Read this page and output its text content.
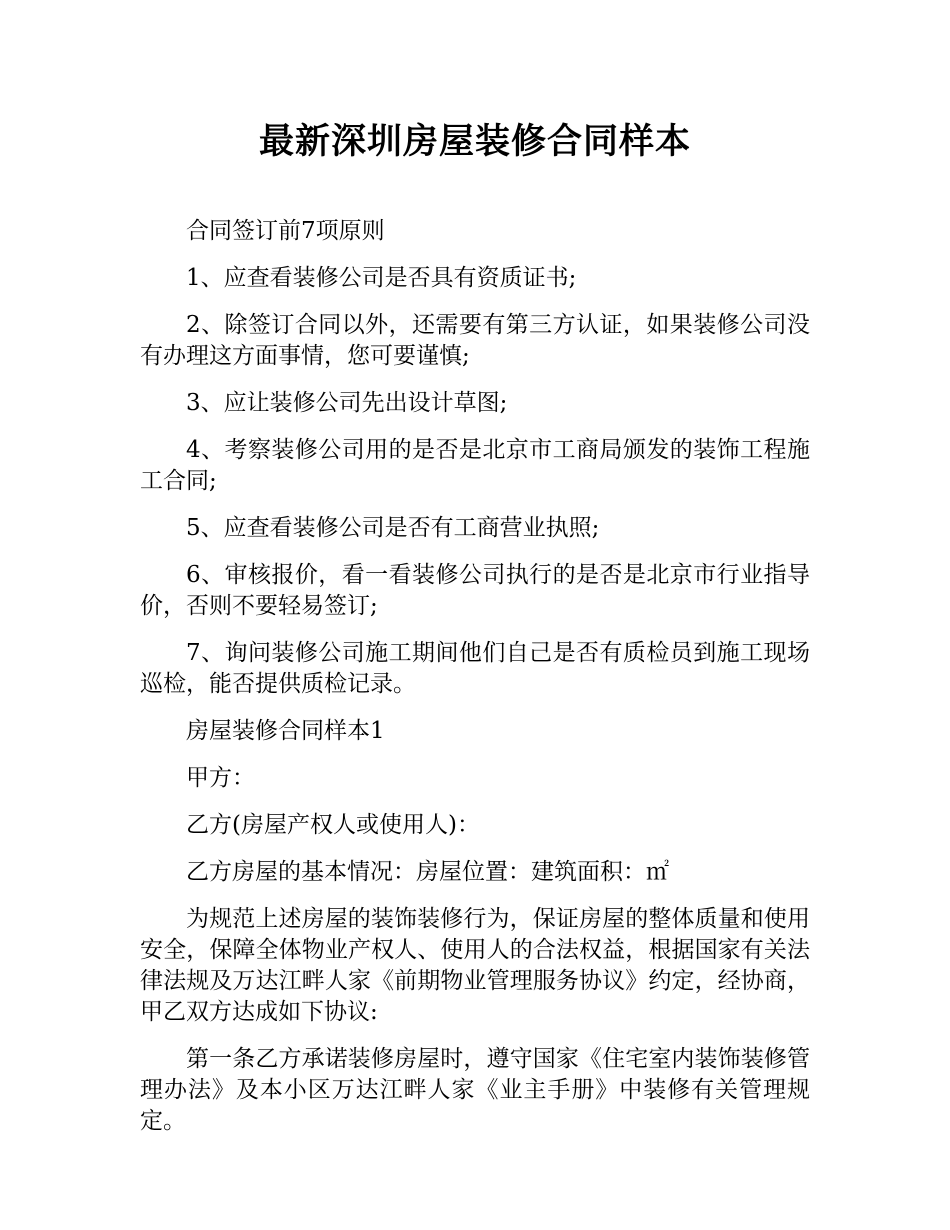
最新深圳房屋装修合同样本

合同签订前7项原则

1、应查看装修公司是否具有资质证书;

2、除签订合同以外，还需要有第三方认证，如果装修公司没有办理这方面事情，您可要谨慎;

3、应让装修公司先出设计草图;

4、考察装修公司用的是否是北京市工商局颁发的装饰工程施工合同;

5、应查看装修公司是否有工商营业执照;

6、审核报价，看一看装修公司执行的是否是北京市行业指导价，否则不要轻易签订;

7、询问装修公司施工期间他们自己是否有质检员到施工现场巡检，能否提供质检记录。

房屋装修合同样本1

甲方：

乙方(房屋产权人或使用人)：

乙方房屋的基本情况：房屋位置：建筑面积：㎡

为规范上述房屋的装饰装修行为，保证房屋的整体质量和使用安全，保障全体物业产权人、使用人的合法权益，根据国家有关法律法规及万达江畔人家《前期物业管理服务协议》约定，经协商，甲乙双方达成如下协议:

第一条乙方承诺装修房屋时，遵守国家《住宅室内装饰装修管理办法》及本小区万达江畔人家《业主手册》中装修有关管理规定。
